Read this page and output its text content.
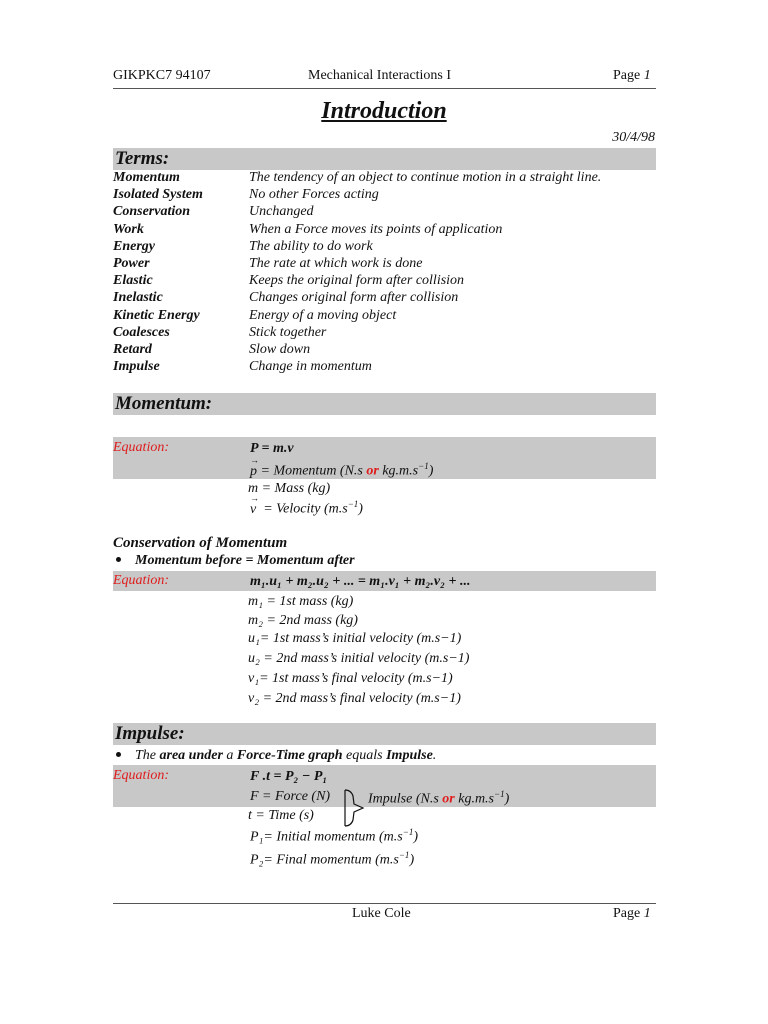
GIKPKC7 94107	Mechanical Interactions I	Page 1
Introduction
30/4/98
Terms:
Momentum	The tendency of an object to continue motion in a straight line.
Isolated System	No other Forces acting
Conservation	Unchanged
Work	When a Force moves its points of application
Energy	The ability to do work
Power	The rate at which work is done
Elastic	Keeps the original form after collision
Inelastic	Changes original form after collision
Kinetic Energy	Energy of a moving object
Coalesces	Stick together
Retard	Slow down
Impulse	Change in momentum
Momentum:
Equation:	P = m.v
→ p = Momentum (N.s or $kg.m.s^{-1}$)
m = Mass (kg)
→ v = Velocity $(m.s^{-1})$
Conservation of Momentum
Momentum before = Momentum after
Equation:	m₁.u₁ + m₂.u₂ + ... = m₁.v₁ + m₂.v₂ + ...
m₁ = 1st mass (kg)
m₂ = 2nd mass (kg)
u₁= 1st mass’s initial velocity (m.s−1)
u₂ = 2nd mass’s initial velocity (m.s−1)
v₁= 1st mass’s final velocity (m.s−1)
v₂ = 2nd mass’s final velocity (m.s−1)
Impulse:
The area under a Force-Time graph equals Impulse.
Equation:	F .t = P₂ − P₁
F = Force (N)	Impulse (N.s or $kg.m.s^{-1}$)
t = Time (s)
P₁= Initial momentum $(m.s^{-1})$
P₂= Final momentum $(m.s^{-1})$
Luke Cole	Page 1
